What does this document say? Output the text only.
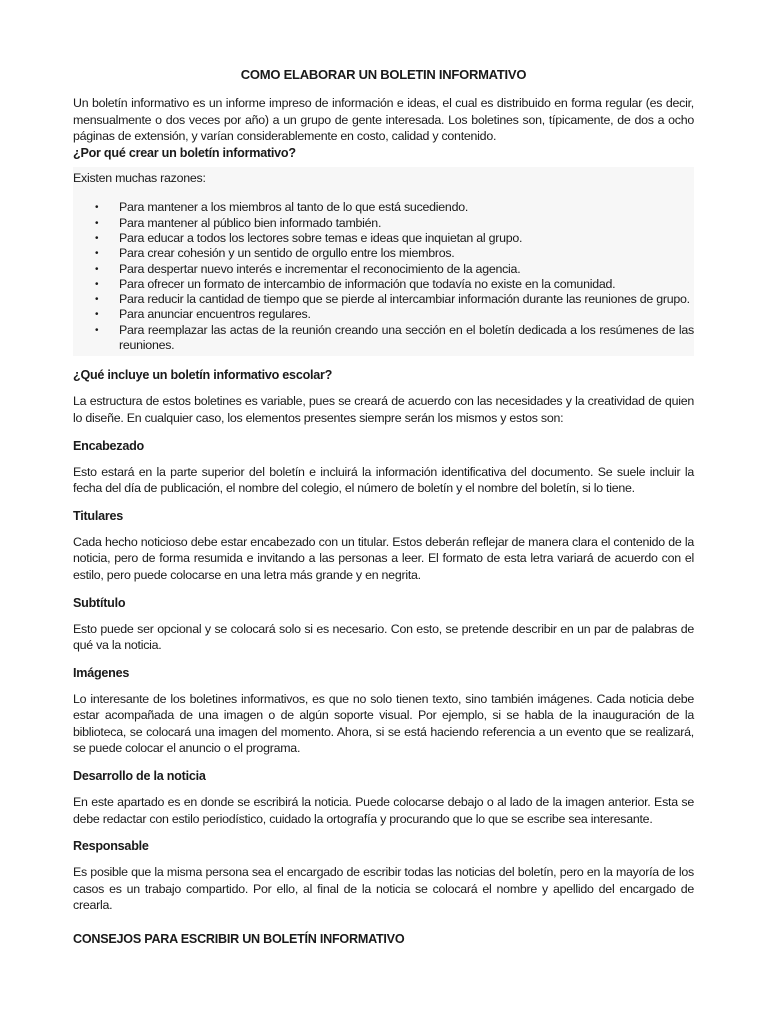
COMO ELABORAR UN BOLETIN INFORMATIVO

Un boletín informativo es un informe impreso de información e ideas, el cual es distribuido en forma regular (es decir, mensualmente o dos veces por año) a un grupo de gente interesada. Los boletines son, típicamente, de dos a ocho páginas de extensión, y varían considerablemente en costo, calidad y contenido.

¿Por qué crear un boletín informativo?

Existen muchas razones:

• Para mantener a los miembros al tanto de lo que está sucediendo.
• Para mantener al público bien informado también.
• Para educar a todos los lectores sobre temas e ideas que inquietan al grupo.
• Para crear cohesión y un sentido de orgullo entre los miembros.
• Para despertar nuevo interés e incrementar el reconocimiento de la agencia.
• Para ofrecer un formato de intercambio de información que todavía no existe en la comunidad.
• Para reducir la cantidad de tiempo que se pierde al intercambiar información durante las reuniones de grupo.
• Para anunciar encuentros regulares.
• Para reemplazar las actas de la reunión creando una sección en el boletín dedicada a los resúmenes de las reuniones.
¿Qué incluye un boletín informativo escolar?

La estructura de estos boletines es variable, pues se creará de acuerdo con las necesidades y la creatividad de quien lo diseñe. En cualquier caso, los elementos presentes siempre serán los mismos y estos son:

Encabezado

Esto estará en la parte superior del boletín e incluirá la información identificativa del documento. Se suele incluir la fecha del día de publicación, el nombre del colegio, el número de boletín y el nombre del boletín, si lo tiene.

Titulares

Cada hecho noticioso debe estar encabezado con un titular. Estos deberán reflejar de manera clara el contenido de la noticia, pero de forma resumida e invitando a las personas a leer. El formato de esta letra variará de acuerdo con el estilo, pero puede colocarse en una letra más grande y en negrita.

Subtítulo

Esto puede ser opcional y se colocará solo si es necesario. Con esto, se pretende describir en un par de palabras de qué va la noticia.

Imágenes

Lo interesante de los boletines informativos, es que no solo tienen texto, sino también imágenes. Cada noticia debe estar acompañada de una imagen o de algún soporte visual. Por ejemplo, si se habla de la inauguración de la biblioteca, se colocará una imagen del momento. Ahora, si se está haciendo referencia a un evento que se realizará, se puede colocar el anuncio o el programa.

Desarrollo de la noticia

En este apartado es en donde se escribirá la noticia. Puede colocarse debajo o al lado de la imagen anterior. Esta se debe redactar con estilo periodístico, cuidado la ortografía y procurando que lo que se escribe sea interesante.

Responsable

Es posible que la misma persona sea el encargado de escribir todas las noticias del boletín, pero en la mayoría de los casos es un trabajo compartido. Por ello, al final de la noticia se colocará el nombre y apellido del encargado de crearla.

CONSEJOS PARA ESCRIBIR UN BOLETÍN INFORMATIVO
